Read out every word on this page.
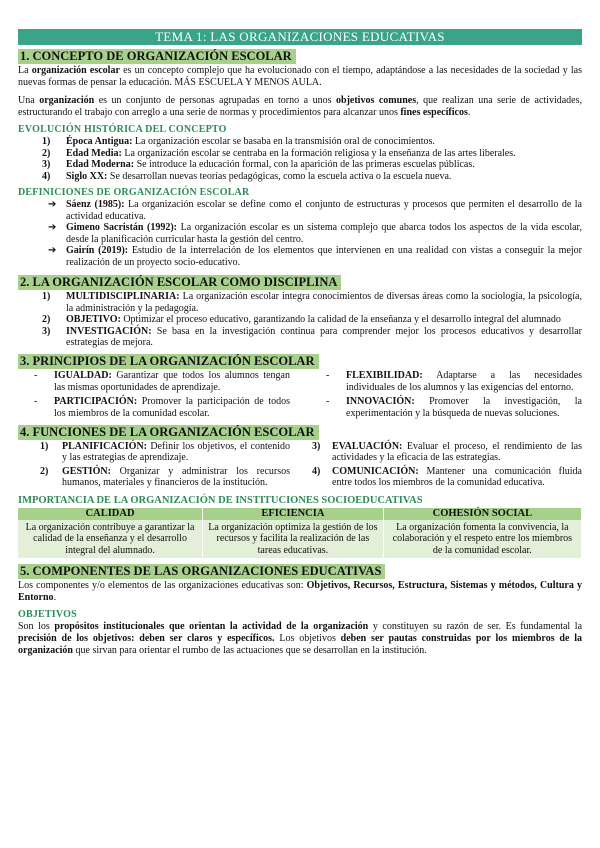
TEMA 1: LAS ORGANIZACIONES EDUCATIVAS
1. CONCEPTO DE ORGANIZACIÓN ESCOLAR

La organización escolar es un concepto complejo que ha evolucionado con el tiempo, adaptándose a las necesidades de la sociedad y las nuevas formas de pensar la educación. MÁS ESCUELA Y MENOS AULA.

Una organización es un conjunto de personas agrupadas en torno a unos objetivos comunes, que realizan una serie de actividades, estructurando el trabajo con arreglo a una serie de normas y procedimientos para alcanzar unos fines específicos.

EVOLUCIÓN HISTÓRICA DEL CONCEPTO
1) Época Antigua: La organización escolar se basaba en la transmisión oral de conocimientos.
2) Edad Media: La organización escolar se centraba en la formación religiosa y la enseñanza de las artes liberales.
3) Edad Moderna: Se introduce la educación formal, con la aparición de las primeras escuelas públicas.
4) Siglo XX: Se desarrollan nuevas teorías pedagógicas, como la escuela activa o la escuela nueva.
DEFINICIONES DE ORGANIZACIÓN ESCOLAR
➔ Sáenz (1985): La organización escolar se define como el conjunto de estructuras y procesos que permiten el desarrollo de la actividad educativa.
➔ Gimeno Sacristán (1992): La organización escolar es un sistema complejo que abarca todos los aspectos de la vida escolar, desde la planificación curricular hasta la gestión del centro.
➔ Gairín (2019): Estudio de la interrelación de los elementos que intervienen en una realidad con vistas a conseguir la mejor realización de un proyecto socio-educativo.
2. LA ORGANIZACIÓN ESCOLAR COMO DISCIPLINA
1) MULTIDISCIPLINARIA: La organización escolar integra conocimientos de diversas áreas como la sociología, la psicología, la administración y la pedagogía.
2) OBJETIVO: Optimizar el proceso educativo, garantizando la calidad de la enseñanza y el desarrollo integral del alumnado
3) INVESTIGACIÓN: Se basa en la investigación continua para comprender mejor los procesos educativos y desarrollar estrategias de mejora.
3. PRINCIPIOS DE LA ORGANIZACIÓN ESCOLAR
- IGUALDAD: Garantizar que todos los alumnos tengan las mismas oportunidades de aprendizaje.
- PARTICIPACIÓN: Promover la participación de todos los miembros de la comunidad escolar.
- FLEXIBILIDAD: Adaptarse a las necesidades individuales de los alumnos y las exigencias del entorno.
- INNOVACIÓN: Promover la investigación, la experimentación y la búsqueda de nuevas soluciones.
4. FUNCIONES DE LA ORGANIZACIÓN ESCOLAR
1) PLANIFICACIÓN: Definir los objetivos, el contenido y las estrategias de aprendizaje.
2) GESTIÓN: Organizar y administrar los recursos humanos, materiales y financieros de la institución.
3) EVALUACIÓN: Evaluar el proceso, el rendimiento de las actividades y la eficacia de las estrategias.
4) COMUNICACIÓN: Mantener una comunicación fluida entre todos los miembros de la comunidad educativa.
IMPORTANCIA DE LA ORGANIZACIÓN DE INSTITUCIONES SOCIOEDUCATIVAS
CALIDAD	EFICIENCIA	COHESIÓN SOCIAL
La organización contribuye a garantizar la calidad de la enseñanza y el desarrollo integral del alumnado.	La organización optimiza la gestión de los recursos y facilita la realización de las tareas educativas.	La organización fomenta la convivencia, la colaboración y el respeto entre los miembros de la comunidad escolar.
5. COMPONENTES DE LAS ORGANIZACIONES EDUCATIVAS

Los componentes y/o elementos de las organizaciones educativas son: Objetivos, Recursos, Estructura, Sistemas y métodos, Cultura y Entorno.

OBJETIVOS

Son los propósitos institucionales que orientan la actividad de la organización y constituyen su razón de ser. Es fundamental la precisión de los objetivos: deben ser claros y específicos. Los objetivos deben ser pautas construidas por los miembros de la organización que sirvan para orientar el rumbo de las actuaciones que se desarrollan en la institución.
